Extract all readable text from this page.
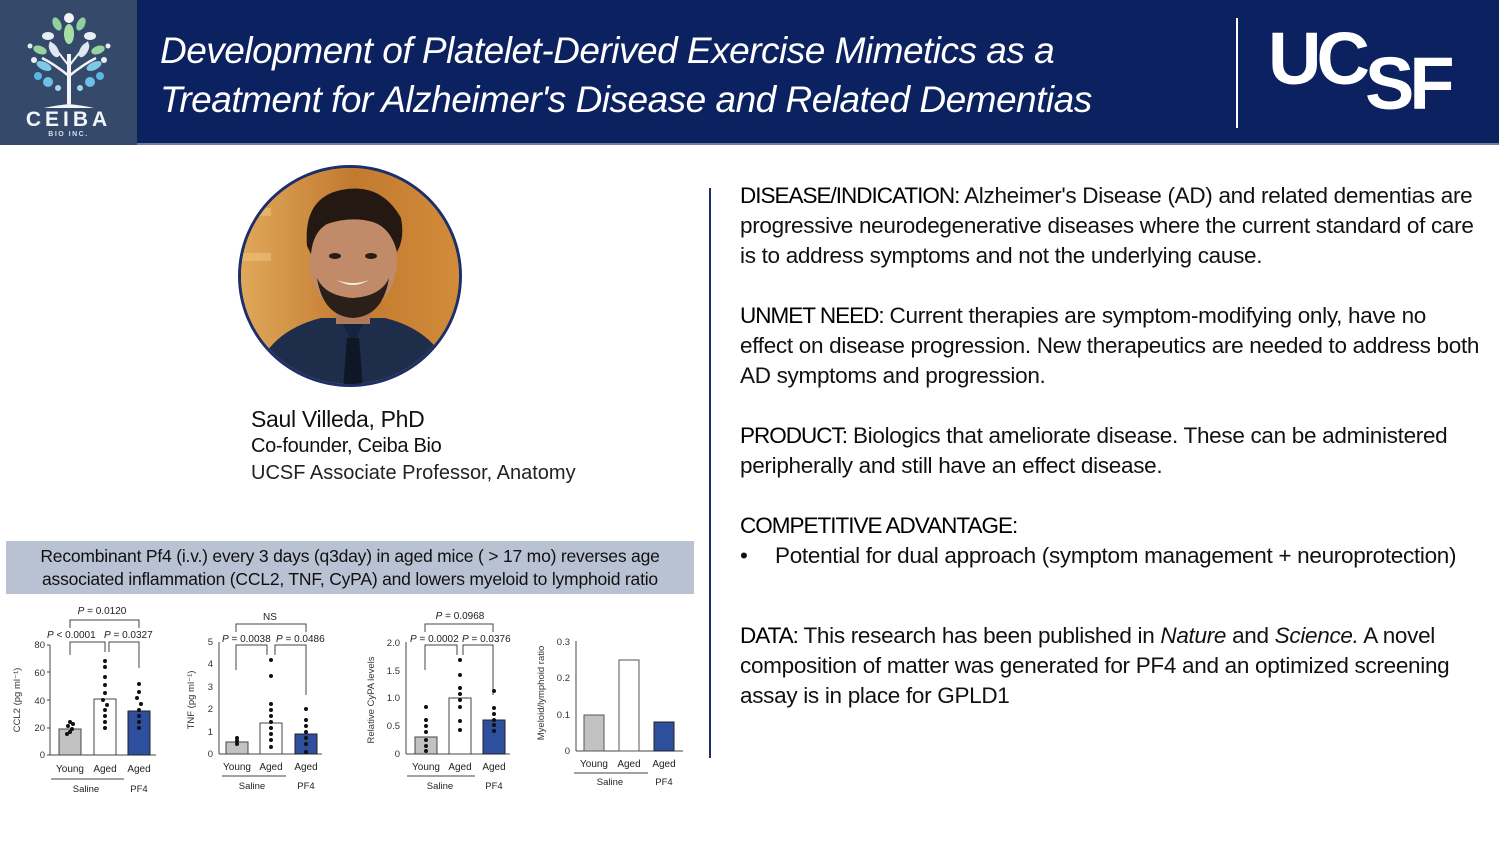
CEIBA
BIO INC.
Development of Platelet-Derived Exercise Mimetics as a
Treatment for Alzheimer's Disease and Related Dementias	UC SF
Saul Villeda, PhD
Co-founder, Ceiba Bio
UCSF Associate Professor, Anatomy
Recombinant Pf4 (i.v.) every 3 days (q3day) in aged mice ( > 17 mo) reverses age
associated inflammation (CCL2, TNF, CyPA) and lowers myeloid to lymphoid ratio
P = 0.0120
P < 0.0001 P = 0.0327
0
20
40
60
80
CCL2 (pg ml⁻¹)
Young Aged Aged
Saline	PF4
NS
P = 0.0038 P = 0.0486
0
1
2
3
4
5
TNF (pg ml⁻¹)
Young Aged Aged
Saline	PF4
P = 0.0968
P = 0.0002 P = 0.0376
0
0.5
1.0
1.5
2.0
Relative CyPA levels
Young Aged Aged
Saline	PF4
0
0.1
0.2
0.3
Myeloid/lymphoid ratio
Young Aged Aged
Saline	PF4
DISEASE/INDICATION: Alzheimer's Disease (AD) and related dementias are progressive neurodegenerative diseases where the current standard of care is to address symptoms and not the underlying cause.
UNMET NEED: Current therapies are symptom-modifying only, have no effect on disease progression. New therapeutics are needed to address both AD symptoms and progression.
PRODUCT: Biologics that ameliorate disease. These can be administered peripherally and still have an effect disease.
COMPETITIVE ADVANTAGE:
•	Potential for dual approach (symptom management + neuroprotection)
DATA: This research has been published in Nature and Science. A novel composition of matter was generated for PF4 and an optimized screening assay is in place for GPLD1
